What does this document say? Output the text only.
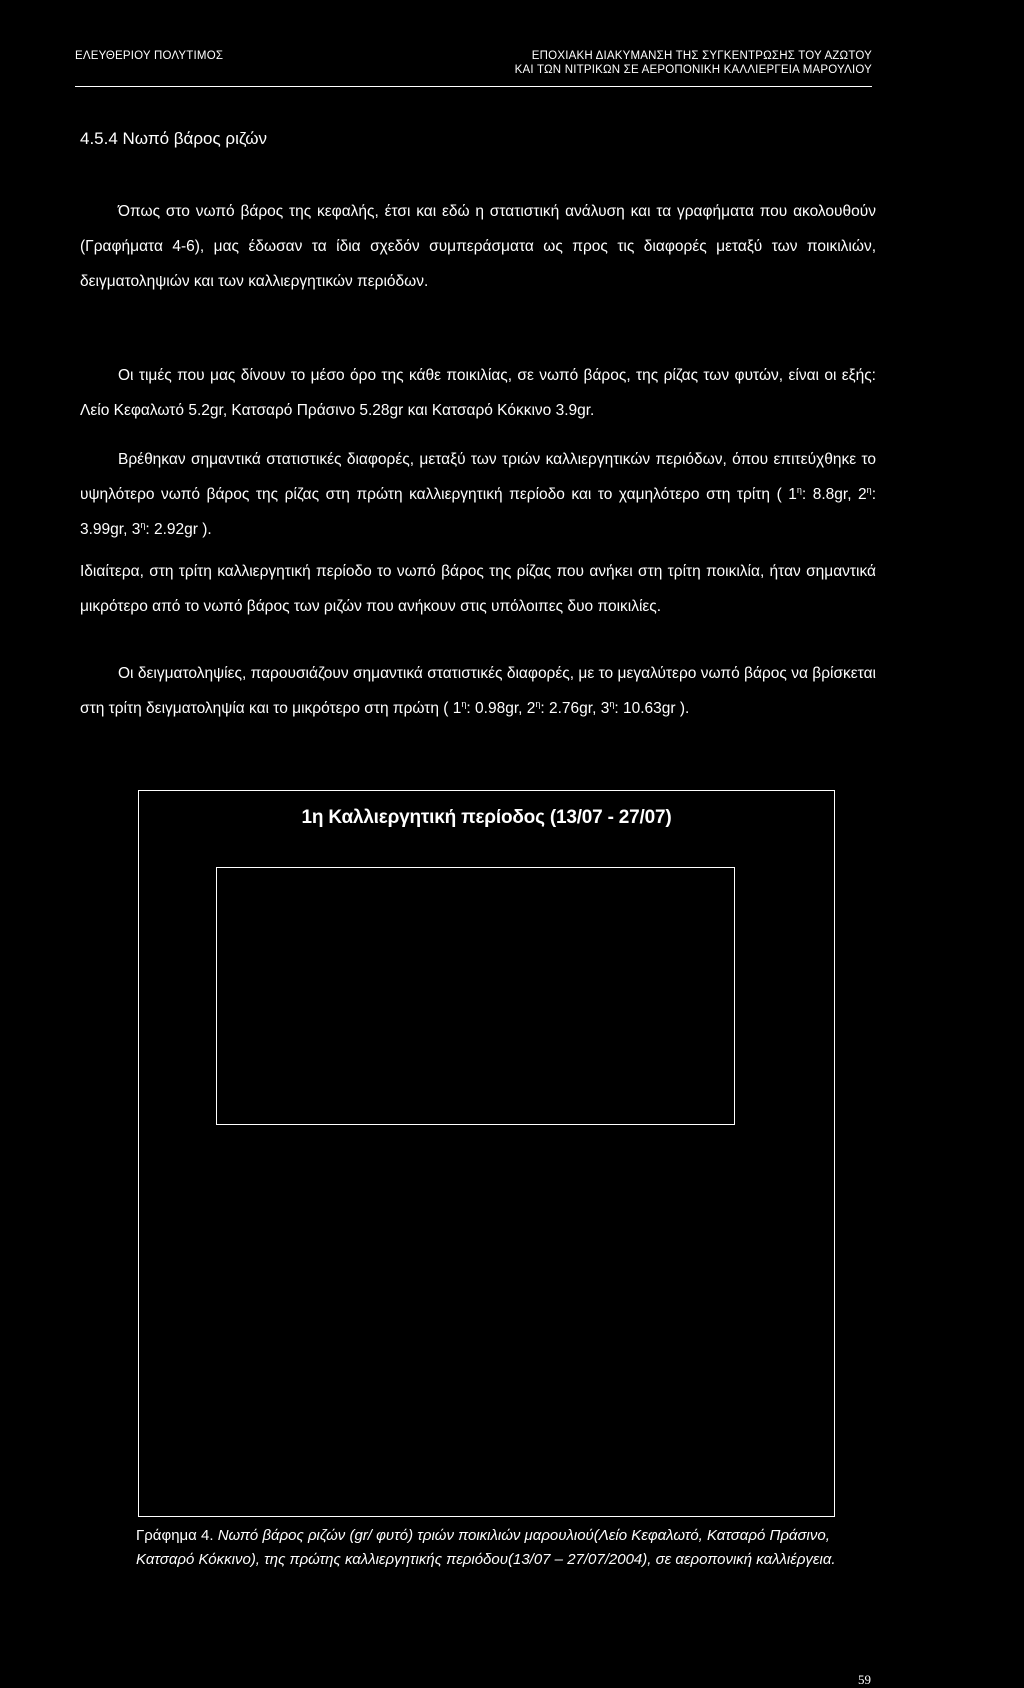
ΕΛΕΥΘΕΡΙΟΥ ΠΟΛΥΤΙΜΟΣ	ΕΠΟΧΙΑΚΗ ΔΙΑΚΥΜΑΝΣΗ ΤΗΣ ΣΥΓΚΕΝΤΡΩΣΗΣ ΤΟΥ ΑΖΩΤΟΥ
ΚΑΙ ΤΩΝ ΝΙΤΡΙΚΩΝ ΣΕ ΑΕΡΟΠΟΝΙΚΗ ΚΑΛΛΙΕΡΓΕΙΑ ΜΑΡΟΥΛΙΟΥ
4.5.4 Νωπό βάρος ριζών

Όπως στο νωπό βάρος της κεφαλής, έτσι και εδώ η στατιστική ανάλυση και τα γραφήματα που ακολουθούν (Γραφήματα 4-6), μας έδωσαν τα ίδια σχεδόν συμπεράσματα ως προς τις διαφορές μεταξύ των ποικιλιών, δειγματοληψιών και των καλλιεργητικών περιόδων.

Οι τιμές που μας δίνουν το μέσο όρο της κάθε ποικιλίας, σε νωπό βάρος, της ρίζας των φυτών, είναι οι εξής: Λείο Κεφαλωτό 5.2gr, Κατσαρό Πράσινο 5.28gr και Κατσαρό Κόκκινο 3.9gr.

Βρέθηκαν σημαντικά στατιστικές διαφορές, μεταξύ των τριών καλλιεργητικών περιόδων, όπου επιτεύχθηκε το υψηλότερο νωπό βάρος της ρίζας στη πρώτη καλλιεργητική περίοδο και το χαμηλότερο στη τρίτη ( $1^\eta$: 8.8gr, $2^\eta$: 3.99gr, $3^\eta$: 2.92gr ).

Ιδιαίτερα, στη τρίτη καλλιεργητική περίοδο το νωπό βάρος της ρίζας που ανήκει στη τρίτη ποικιλία, ήταν σημαντικά μικρότερο από το νωπό βάρος των ριζών που ανήκουν στις υπόλοιπες δυο ποικιλίες.

Οι δειγματοληψίες, παρουσιάζουν σημαντικά στατιστικές διαφορές, με το μεγαλύτερο νωπό βάρος να βρίσκεται στη τρίτη δειγματοληψία και το μικρότερο στη πρώτη ( $1^\eta$: 0.98gr, $2^\eta$: 2.76gr, $3^\eta$: 10.63gr ).

1η Καλλιεργητική περίοδος (13/07 - 27/07)

Γράφημα 4. Νωπό βάρος ριζών (gr/ φυτό) τριών ποικιλιών μαρουλιού(Λείο Κεφαλωτό, Κατσαρό Πράσινο, Κατσαρό Κόκκινο), της πρώτης καλλιεργητικής περιόδου(13/07 – 27/07/2004), σε αεροπονική καλλιέργεια.

59
